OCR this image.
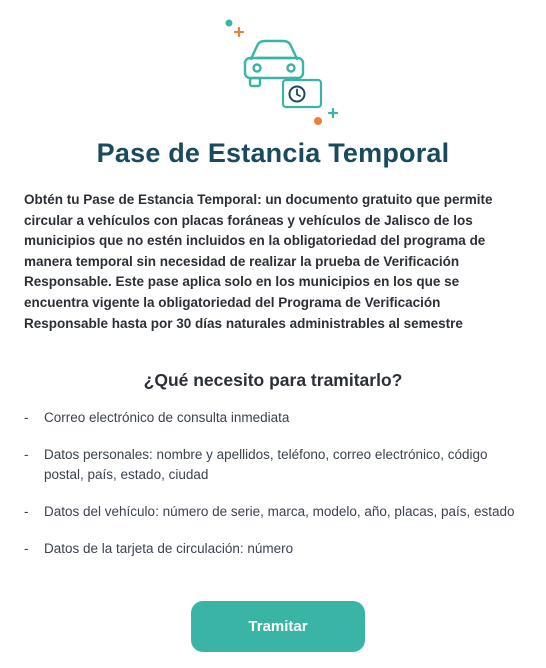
Pase de Estancia Temporal
Obtén tu Pase de Estancia Temporal: un documento gratuito que permite circular a vehículos con placas foráneas y vehículos de Jalisco de los municipios que no estén incluidos en la obligatoriedad del programa de manera temporal sin necesidad de realizar la prueba de Verificación Responsable. Este pase aplica solo en los municipios en los que se encuentra vigente la obligatoriedad del Programa de Verificación Responsable hasta por 30 días naturales administrables al semestre
¿Qué necesito para tramitarlo?
-	Correo electrónico de consulta inmediata
-	Datos personales: nombre y apellidos, teléfono, correo electrónico, código postal, país, estado, ciudad
-	Datos del vehículo: número de serie, marca, modelo, año, placas, país, estado
-	Datos de la tarjeta de circulación: número
Tramitar
